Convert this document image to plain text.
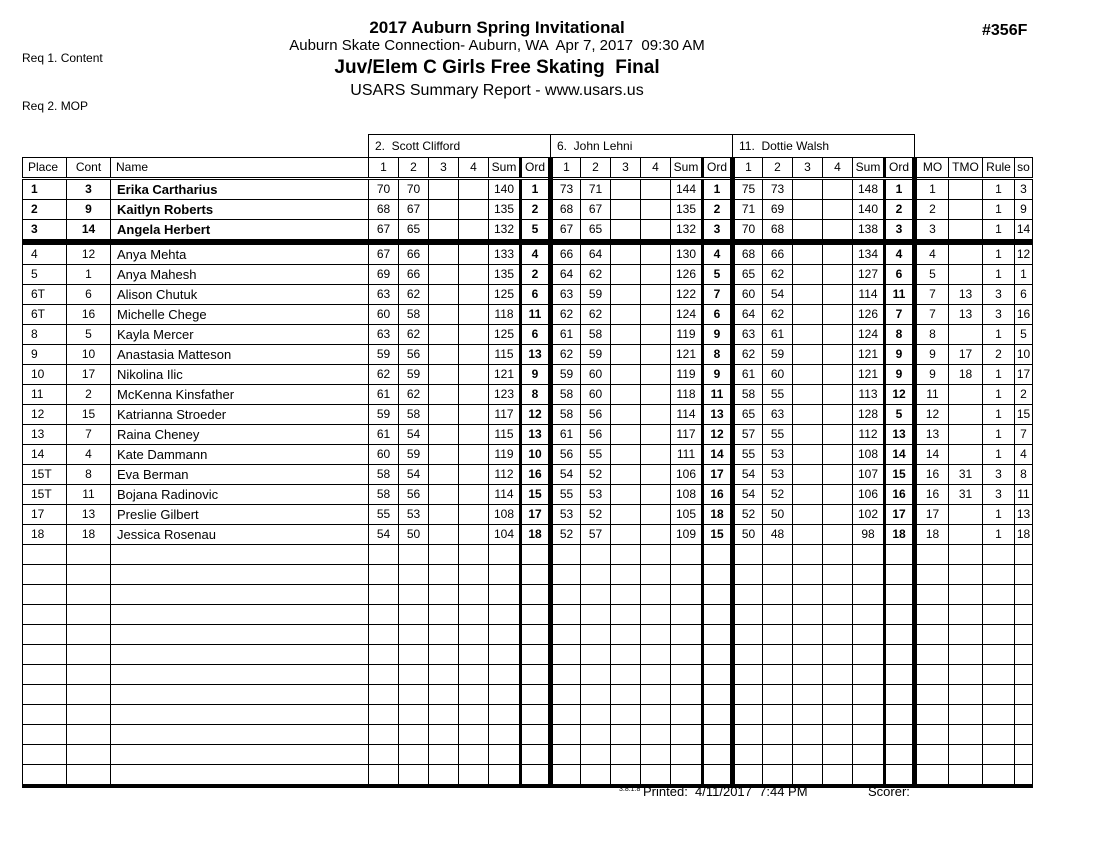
Req 1. Content

Req 2. MOP

2017 Auburn Spring Invitational
Auburn Skate Connection- Auburn, WA  Apr 7, 2017  09:30 AM
Juv/Elem C Girls Free Skating  Final
USARS Summary Report - www.usars.us
#356F
			2.  Scott Clifford						6.  John Lehni						11.  Dottie Walsh									
Place	Cont	Name	1	2	3	4	Sum	Ord	1	2	3	4	Sum	Ord	1	2	3	4	Sum	Ord	MO	TMO	Rule	so
1	3	Erika Cartharius	70	70			140	1	73	71			144	1	75	73			148	1	1		1	3
2	9	Kaitlyn Roberts	68	67			135	2	68	67			135	2	71	69			140	2	2		1	9
3	14	Angela Herbert	67	65			132	5	67	65			132	3	70	68			138	3	3		1	14
4	12	Anya Mehta	67	66			133	4	66	64			130	4	68	66			134	4	4		1	12
5	1	Anya Mahesh	69	66			135	2	64	62			126	5	65	62			127	6	5		1	1
6T	6	Alison Chutuk	63	62			125	6	63	59			122	7	60	54			114	11	7	13	3	6
6T	16	Michelle Chege	60	58			118	11	62	62			124	6	64	62			126	7	7	13	3	16
8	5	Kayla Mercer	63	62			125	6	61	58			119	9	63	61			124	8	8		1	5
9	10	Anastasia Matteson	59	56			115	13	62	59			121	8	62	59			121	9	9	17	2	10
10	17	Nikolina Ilic	62	59			121	9	59	60			119	9	61	60			121	9	9	18	1	17
11	2	McKenna Kinsfather	61	62			123	8	58	60			118	11	58	55			113	12	11		1	2
12	15	Katrianna Stroeder	59	58			117	12	58	56			114	13	65	63			128	5	12		1	15
13	7	Raina Cheney	61	54			115	13	61	56			117	12	57	55			112	13	13		1	7
14	4	Kate Dammann	60	59			119	10	56	55			111	14	55	53			108	14	14		1	4
15T	8	Eva Berman	58	54			112	16	54	52			106	17	54	53			107	15	16	31	3	8
15T	11	Bojana Radinovic	58	56			114	15	55	53			108	16	54	52			106	16	16	31	3	11
17	13	Preslie Gilbert	55	53			108	17	53	52			105	18	52	50			102	17	17		1	13
18	18	Jessica Rosenau	54	50			104	18	52	57			109	15	50	48			98	18	18		1	18

3.8.1.8 Printed:  4/11/2017  7:44 PM	Scorer:
